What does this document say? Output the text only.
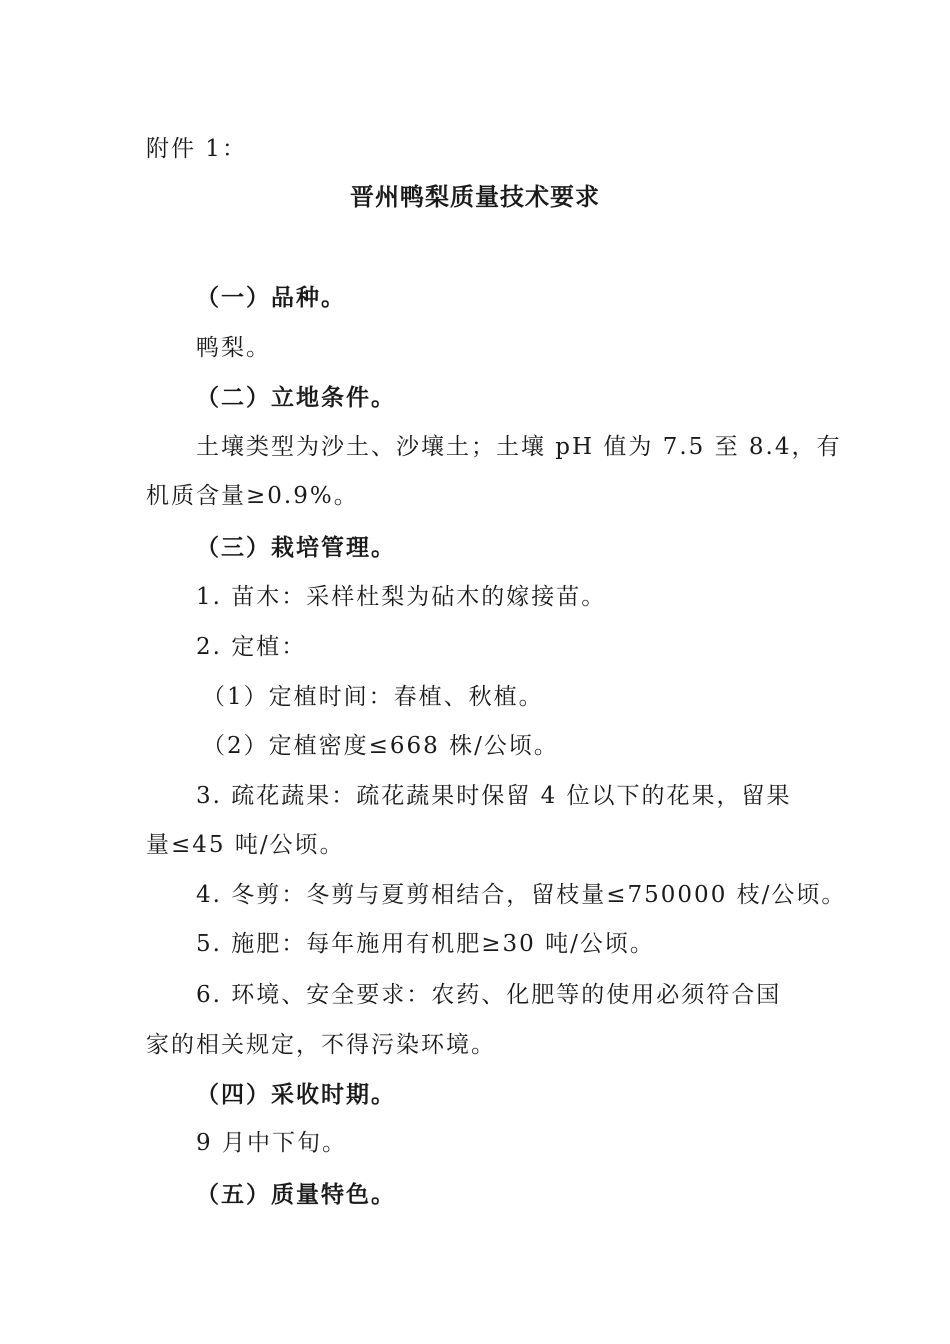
附件 1：
晋州鸭梨质量技术要求
（一）品种。
鸭梨。
（二）立地条件。
土壤类型为沙土、沙壤土；土壤 pH 值为 7.5 至 8.4，有
机质含量≥0.9%。
（三）栽培管理。
1. 苗木：采样杜梨为砧木的嫁接苗。
2. 定植：
（1）定植时间：春植、秋植。
（2）定植密度≤668 株/公顷。
3. 疏花蔬果：疏花蔬果时保留 4 位以下的花果，留果
量≤45 吨/公顷。
4. 冬剪：冬剪与夏剪相结合，留枝量≤750000 枝/公顷。
5. 施肥：每年施用有机肥≥30 吨/公顷。
6. 环境、安全要求：农药、化肥等的使用必须符合国
家的相关规定，不得污染环境。
（四）采收时期。
9 月中下旬。
（五）质量特色。
